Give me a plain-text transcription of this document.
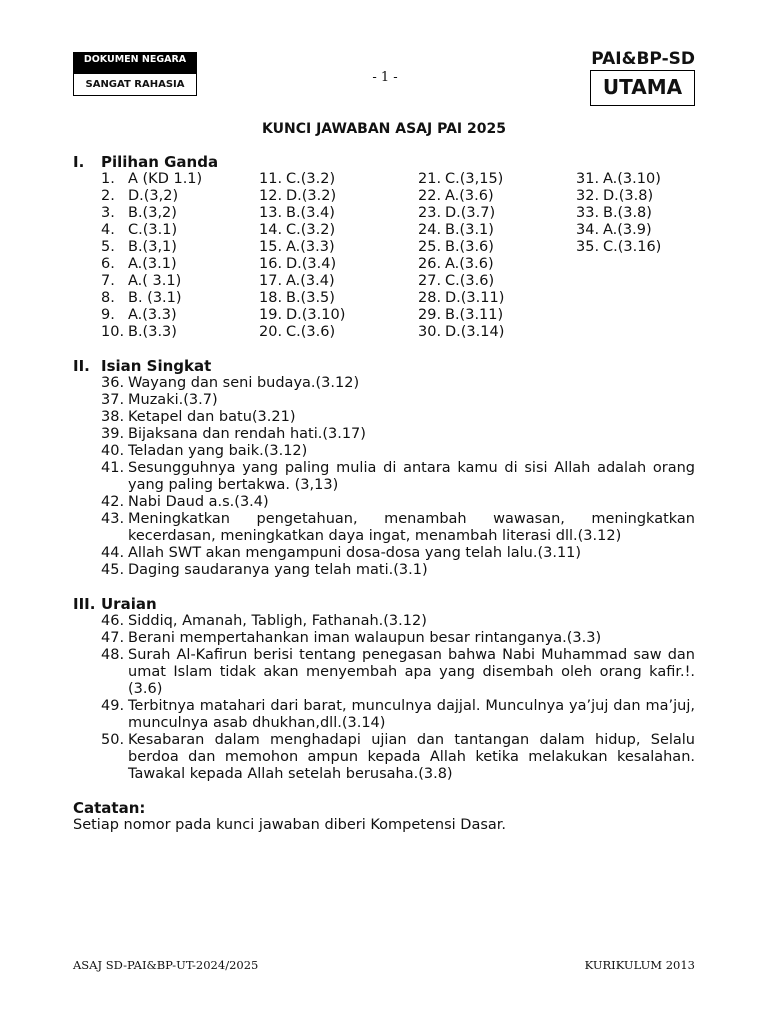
DOKUMEN NEGARA
SANGAT RAHASIA	- 1 -
PAI&BP-SD
UTAMA
KUNCI JAWABAN ASAJ PAI 2025
I. Pilihan Ganda
1. A (KD 1.1)
2. D.(3,2)
3. B.(3,2)
4. C.(3.1)
5. B.(3,1)
6. A.(3.1)
7. A.( 3.1)
8. B. (3.1)
9. A.(3.3)
10. B.(3.3)
11. C.(3.2)
12. D.(3.2)
13. B.(3.4)
14. C.(3.2)
15. A.(3.3)
16. D.(3.4)
17. A.(3.4)
18. B.(3.5)
19. D.(3.10)
20. C.(3.6)
21. C.(3,15)
22. A.(3.6)
23. D.(3.7)
24. B.(3.1)
25. B.(3.6)
26. A.(3.6)
27. C.(3.6)
28. D.(3.11)
29. B.(3.11)
30. D.(3.14)
31. A.(3.10)
32. D.(3.8)
33. B.(3.8)
34. A.(3.9)
35. C.(3.16)
II. Isian Singkat
36. Wayang dan seni budaya.(3.12)
37. Muzaki.(3.7)
38. Ketapel dan batu(3.21)
39. Bijaksana dan rendah hati.(3.17)
40. Teladan yang baik.(3.12)
41. Sesungguhnya yang paling mulia di antara kamu di sisi Allah adalah orang yang paling bertakwa. (3,13)
42. Nabi Daud a.s.(3.4)
43. Meningkatkan pengetahuan, menambah wawasan, meningkatkan kecerdasan, meningkatkan daya ingat, menambah literasi dll.(3.12)
44. Allah SWT akan mengampuni dosa-dosa yang telah lalu.(3.11)
45. Daging saudaranya yang telah mati.(3.1)
III. Uraian
46. Siddiq, Amanah, Tabligh, Fathanah.(3.12)
47. Berani mempertahankan iman walaupun besar rintanganya.(3.3)
48. Surah Al-Kafirun berisi tentang penegasan bahwa Nabi Muhammad saw dan umat Islam tidak akan menyembah apa yang disembah oleh orang kafir.!.(3.6)
49. Terbitnya matahari dari barat, munculnya dajjal. Munculnya ya’juj dan ma’juj, munculnya asab dhukhan,dll.(3.14)
50. Kesabaran dalam menghadapi ujian dan tantangan dalam hidup, Selalu berdoa dan memohon ampun kepada Allah ketika melakukan kesalahan. Tawakal kepada Allah setelah berusaha.(3.8)
Catatan:
Setiap nomor pada kunci jawaban diberi Kompetensi Dasar.
ASAJ SD-PAI&BP-UT-2024/2025	KURIKULUM 2013
